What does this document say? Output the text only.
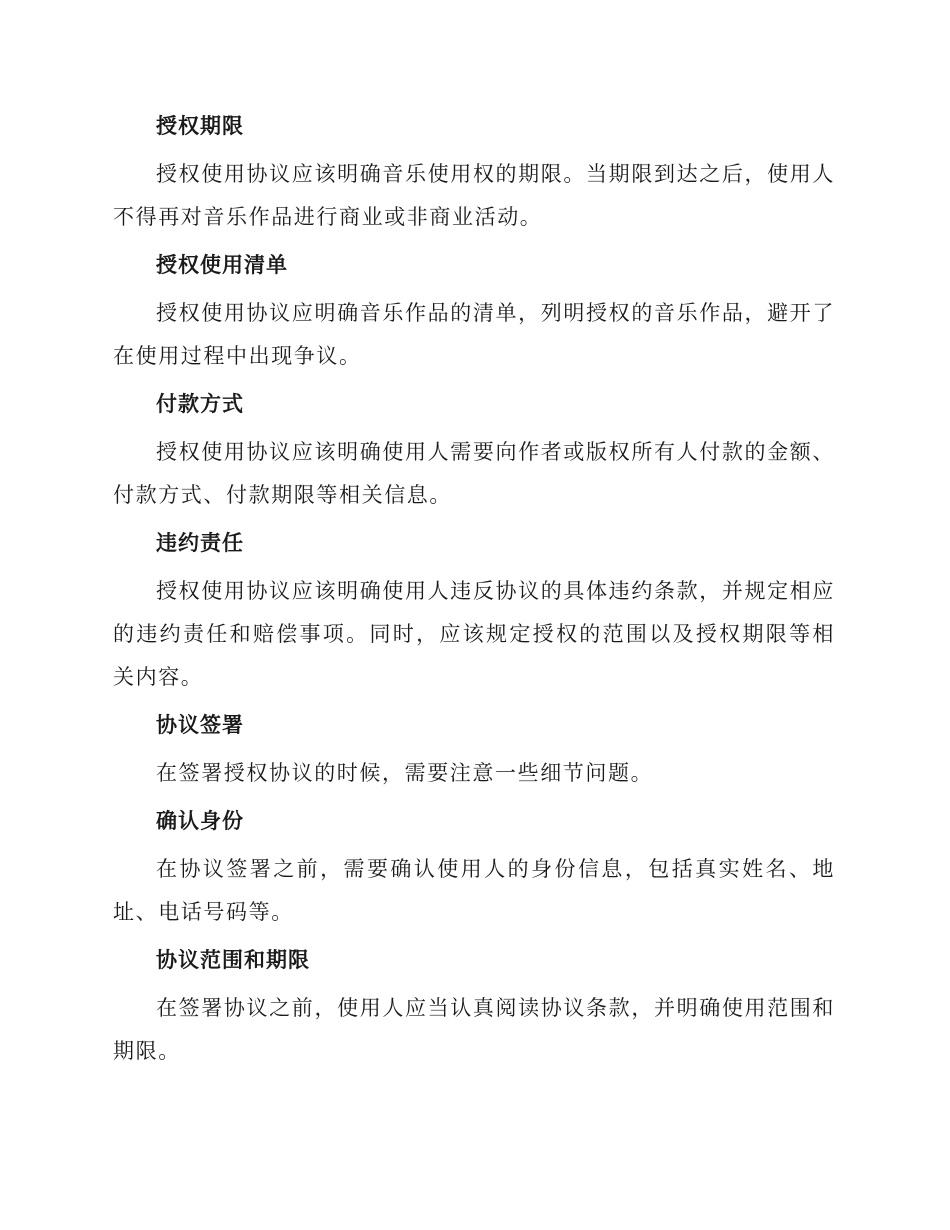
授权期限

授权使用协议应该明确音乐使用权的期限。当期限到达之后，使用人不得再对音乐作品进行商业或非商业活动。

授权使用清单

授权使用协议应明确音乐作品的清单，列明授权的音乐作品，避开了在使用过程中出现争议。

付款方式

授权使用协议应该明确使用人需要向作者或版权所有人付款的金额、付款方式、付款期限等相关信息。

违约责任

授权使用协议应该明确使用人违反协议的具体违约条款，并规定相应的违约责任和赔偿事项。同时，应该规定授权的范围以及授权期限等相关内容。

协议签署

在签署授权协议的时候，需要注意一些细节问题。

确认身份

在协议签署之前，需要确认使用人的身份信息，包括真实姓名、地址、电话号码等。

协议范围和期限

在签署协议之前，使用人应当认真阅读协议条款，并明确使用范围和期限。
